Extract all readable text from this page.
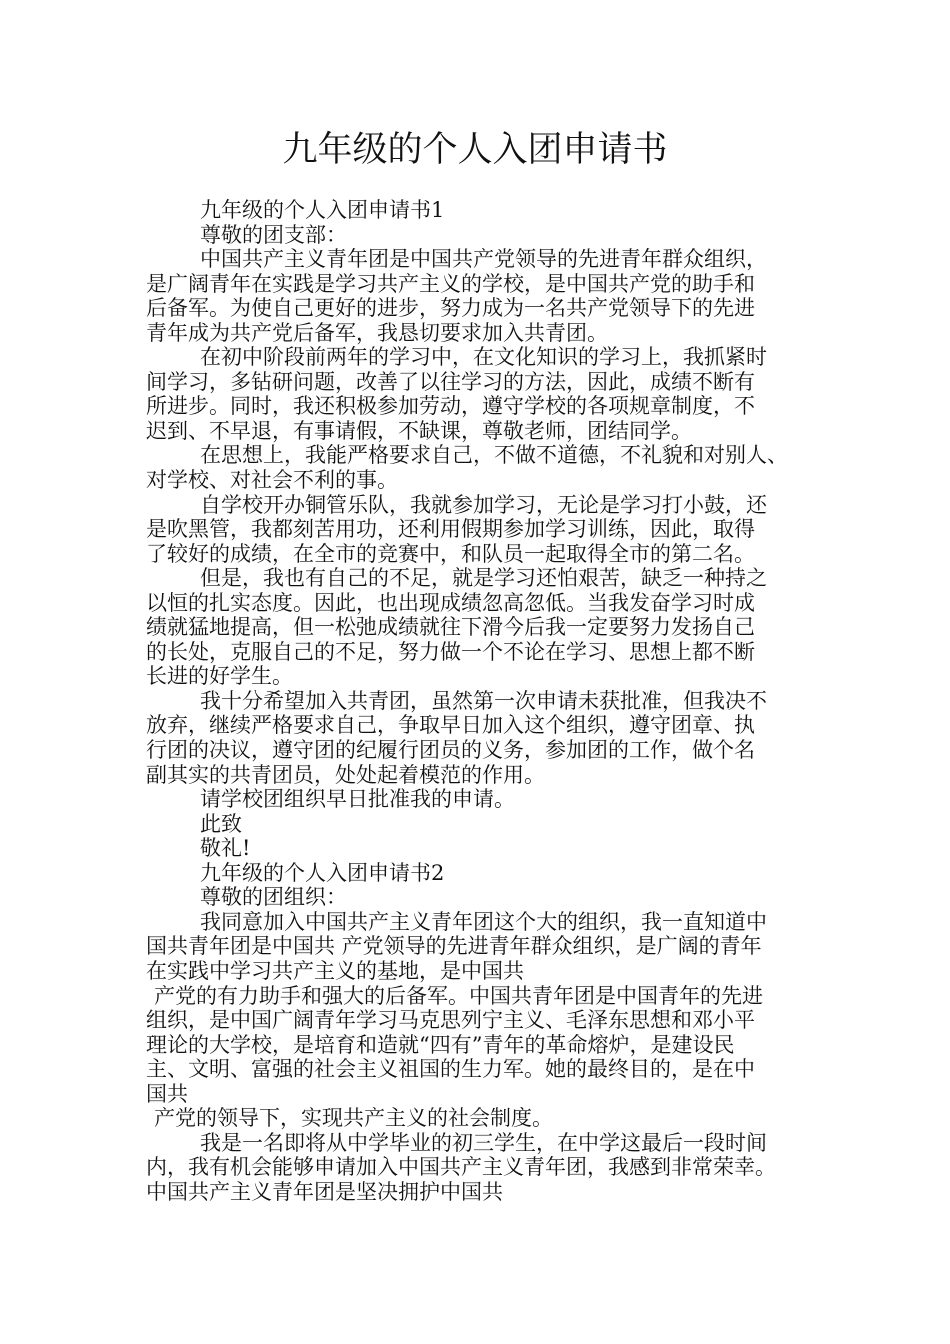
九年级的个人入团申请书
九年级的个人入团申请书1
尊敬的团支部：
中国共产主义青年团是中国共产党领导的先进青年群众组织，
是广阔青年在实践是学习共产主义的学校，是中国共产党的助手和
后备军。为使自己更好的进步，努力成为一名共产党领导下的先进
青年成为共产党后备军，我恳切要求加入共青团。
在初中阶段前两年的学习中，在文化知识的学习上，我抓紧时
间学习，多钻研问题，改善了以往学习的方法，因此，成绩不断有
所进步。同时，我还积极参加劳动，遵守学校的各项规章制度，不
迟到、不早退，有事请假，不缺课，尊敬老师，团结同学。
在思想上，我能严格要求自己，不做不道德，不礼貌和对别人、
对学校、对社会不利的事。
自学校开办铜管乐队，我就参加学习，无论是学习打小鼓，还
是吹黑管，我都刻苦用功，还利用假期参加学习训练，因此，取得
了较好的成绩，在全市的竞赛中，和队员一起取得全市的第二名。
但是，我也有自己的不足，就是学习还怕艰苦，缺乏一种持之
以恒的扎实态度。因此，也出现成绩忽高忽低。当我发奋学习时成
绩就猛地提高，但一松弛成绩就往下滑今后我一定要努力发扬自己
的长处，克服自己的不足，努力做一个不论在学习、思想上都不断
长进的好学生。
我十分希望加入共青团，虽然第一次申请未获批准，但我决不
放弃，继续严格要求自己，争取早日加入这个组织，遵守团章、执
行团的决议，遵守团的纪履行团员的义务，参加团的工作，做个名
副其实的共青团员，处处起着模范的作用。
请学校团组织早日批准我的申请。
此致
敬礼!
九年级的个人入团申请书2
尊敬的团组织：
我同意加入中国共产主义青年团这个大的组织，我一直知道中
国共青年团是中国共 产党领导的先进青年群众组织，是广阔的青年
在实践中学习共产主义的基地，是中国共
产党的有力助手和强大的后备军。中国共青年团是中国青年的先进
组织，是中国广阔青年学习马克思列宁主义、毛泽东思想和邓小平
理论的大学校，是培育和造就“四有”青年的革命熔炉，是建设民
主、文明、富强的社会主义祖国的生力军。她的最终目的，是在中
国共
产党的领导下，实现共产主义的社会制度。
我是一名即将从中学毕业的初三学生，在中学这最后一段时间
内，我有机会能够申请加入中国共产主义青年团，我感到非常荣幸。
中国共产主义青年团是坚决拥护中国共
